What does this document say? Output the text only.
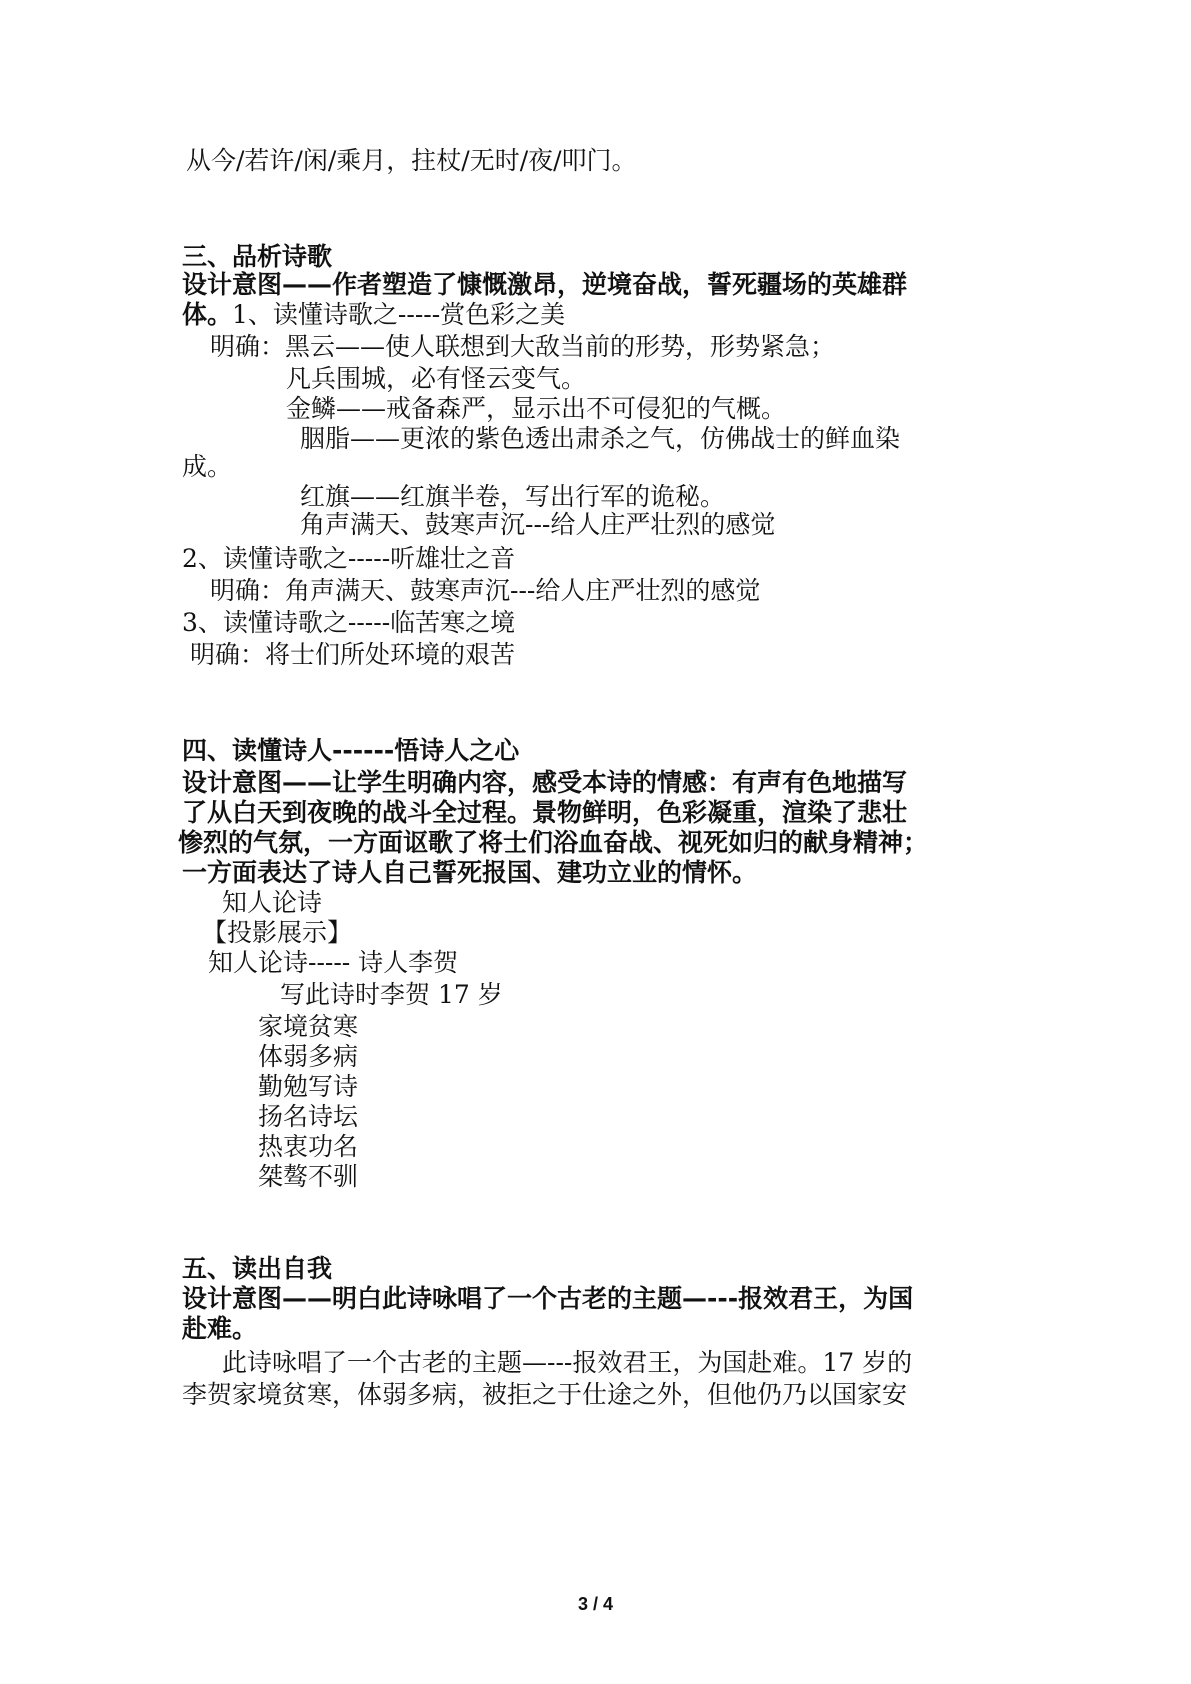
从今/若许/闲/乘月，拄杖/无时/夜/叩门。

三、品析诗歌

设计意图——作者塑造了慷慨激昂，逆境奋战，誓死疆场的英雄群

体。1、读懂诗歌之-----赏色彩之美

明确：黑云——使人联想到大敌当前的形势，形势紧急；

凡兵围城，必有怪云变气。

金鳞——戒备森严，显示出不可侵犯的气概。

胭脂——更浓的紫色透出肃杀之气，仿佛战士的鲜血染

成。

红旗——红旗半卷，写出行军的诡秘。

角声满天、鼓寒声沉---给人庄严壮烈的感觉

2、读懂诗歌之-----听雄壮之音

明确：角声满天、鼓寒声沉---给人庄严壮烈的感觉

3、读懂诗歌之-----临苦寒之境

明确：将士们所处环境的艰苦

四、读懂诗人------悟诗人之心

设计意图——让学生明确内容，感受本诗的情感：有声有色地描写

了从白天到夜晚的战斗全过程。景物鲜明，色彩凝重，渲染了悲壮

惨烈的气氛，一方面讴歌了将士们浴血奋战、视死如归的献身精神；

一方面表达了诗人自己誓死报国、建功立业的情怀。

知人论诗

【投影展示】

知人论诗----- 诗人李贺

写此诗时李贺 17 岁

家境贫寒

体弱多病

勤勉写诗

扬名诗坛

热衷功名

桀骜不驯

五、读出自我

设计意图——明白此诗咏唱了一个古老的主题—---报效君王，为国

赴难。

此诗咏唱了一个古老的主题—---报效君王，为国赴难。17 岁的

李贺家境贫寒，体弱多病，被拒之于仕途之外，但他仍乃以国家安

3 / 4
